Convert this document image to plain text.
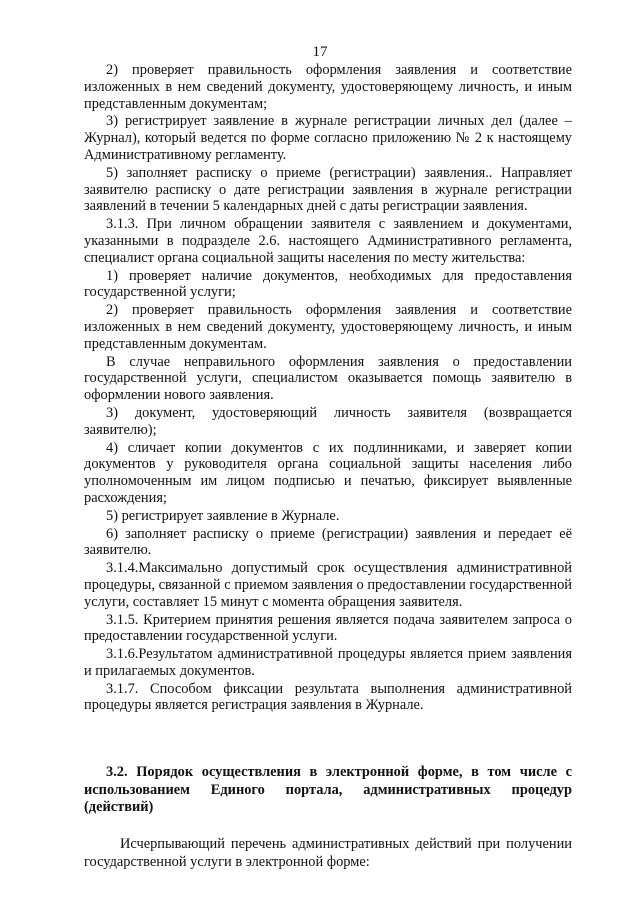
17

2) проверяет правильность оформления заявления и соответствие изложенных в нем сведений документу, удостоверяющему личность, и иным представленным документам;

3) регистрирует заявление в журнале регистрации личных дел (далее – Журнал), который ведется по форме согласно приложению № 2 к настоящему Административному регламенту.

5) заполняет расписку о приеме (регистрации) заявления.. Направляет заявителю расписку о дате регистрации заявления в журнале регистрации заявлений в течении 5 календарных дней с даты регистрации заявления.

3.1.3. При личном обращении заявителя с заявлением и документами, указанными в подразделе 2.6. настоящего Административного регламента, специалист органа социальной защиты населения по месту жительства:

1) проверяет наличие документов, необходимых для предоставления государственной услуги;

2) проверяет правильность оформления заявления и соответствие изложенных в нем сведений документу, удостоверяющему личность, и иным представленным документам.

В случае неправильного оформления заявления о предоставлении государственной услуги, специалистом оказывается помощь заявителю в оформлении нового заявления.

3) документ, удостоверяющий личность заявителя (возвращается заявителю);

4) сличает копии документов с их подлинниками, и заверяет копии документов у руководителя органа социальной защиты населения либо уполномоченным им лицом подписью и печатью, фиксирует выявленные расхождения;

5) регистрирует заявление в Журнале.

6) заполняет расписку о приеме (регистрации) заявления и передает её заявителю.

3.1.4.Максимально допустимый срок осуществления административной процедуры, связанной с приемом заявления о предоставлении государственной услуги, составляет 15 минут с момента обращения заявителя.

3.1.5. Критерием принятия решения является подача заявителем запроса о предоставлении государственной услуги.

3.1.6.Результатом административной процедуры является прием заявления и прилагаемых документов.

3.1.7. Способом фиксации результата выполнения административной процедуры является регистрация заявления в Журнале.

3.2. Порядок осуществления в электронной форме, в том числе с использованием Единого портала, административных процедур (действий)
Исчерпывающий перечень административных действий при получении государственной услуги в электронной форме:
